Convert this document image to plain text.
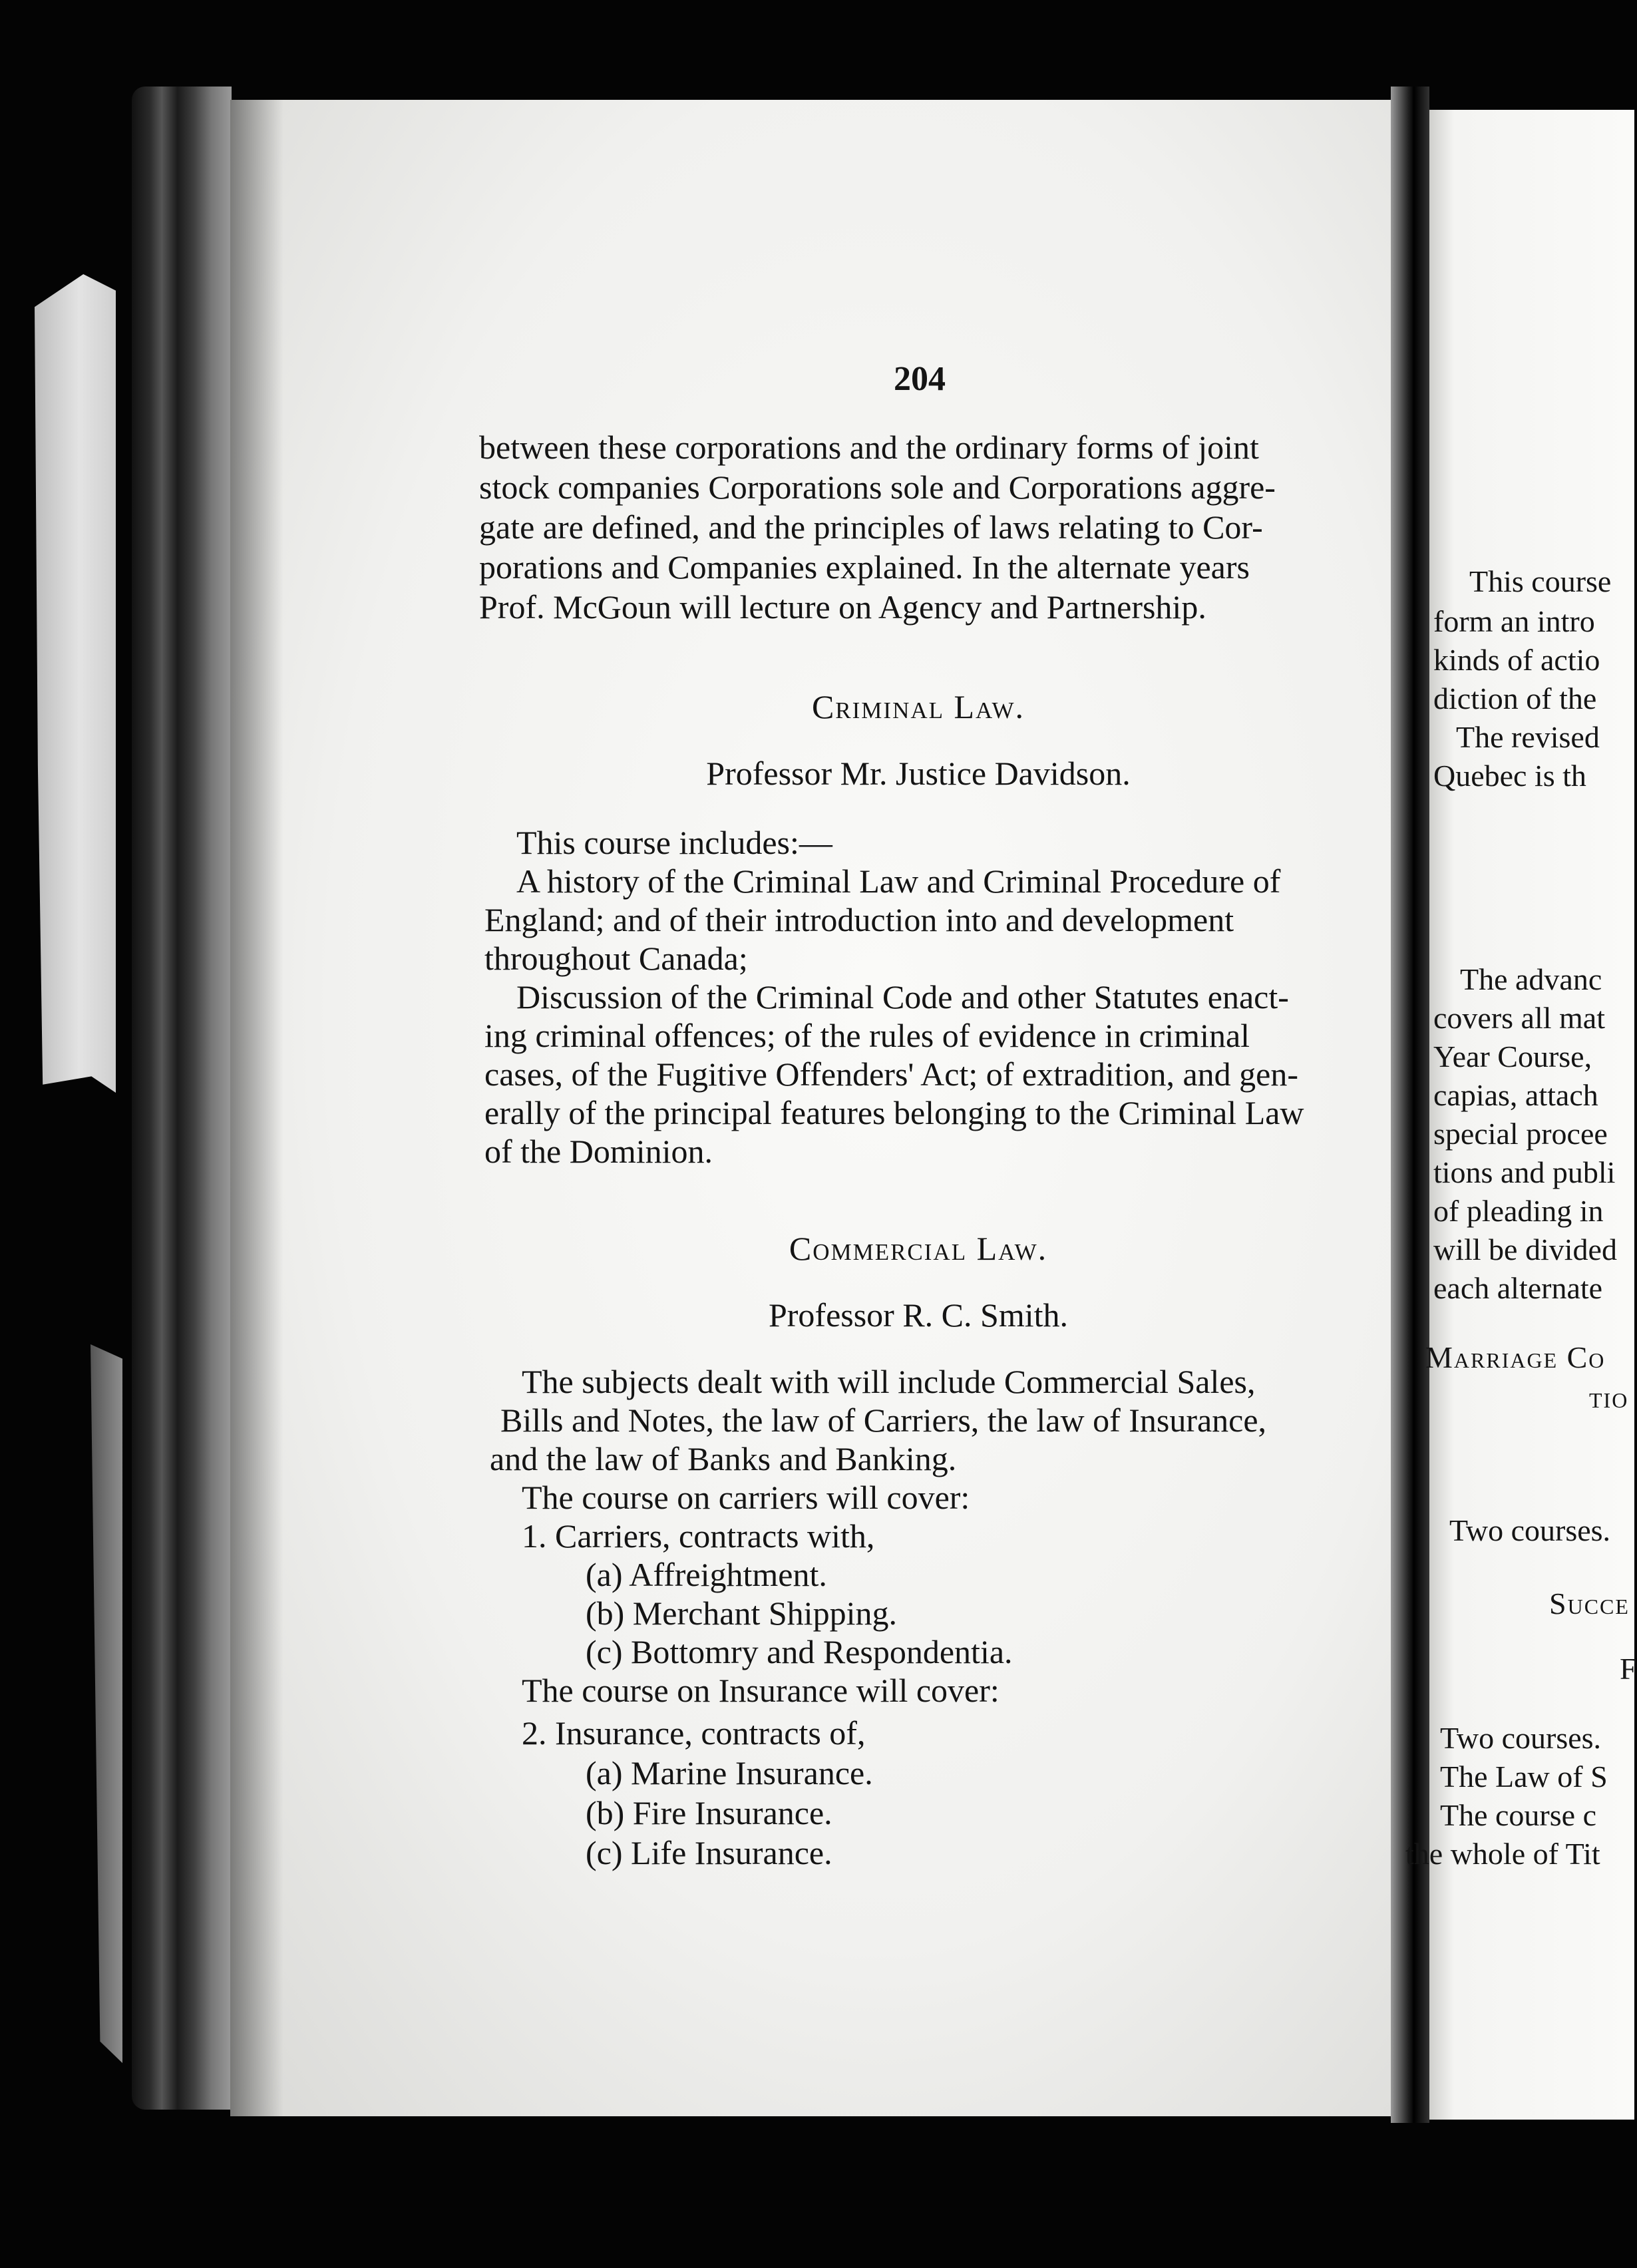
204
between these corporations and the ordinary forms of joint
stock companies Corporations sole and Corporations aggre-
gate are defined, and the principles of laws relating to Cor-
porations and Companies explained. In the alternate years
Prof. McGoun will lecture on Agency and Partnership.
Criminal Law.
Professor Mr. Justice Davidson.
This course includes:—
A history of the Criminal Law and Criminal Procedure of
England; and of their introduction into and development
throughout Canada;
Discussion of the Criminal Code and other Statutes enact-
ing criminal offences; of the rules of evidence in criminal
cases, of the Fugitive Offenders' Act; of extradition, and gen-
erally of the principal features belonging to the Criminal Law
of the Dominion.
Commercial Law.
Professor R. C. Smith.
The subjects dealt with will include Commercial Sales,
Bills and Notes, the law of Carriers, the law of Insurance,
and the law of Banks and Banking.
The course on carriers will cover:
1. Carriers, contracts with,
(a) Affreightment.
(b) Merchant Shipping.
(c) Bottomry and Respondentia.
The course on Insurance will cover:
2. Insurance, contracts of,
(a) Marine Insurance.
(b) Fire Insurance.
(c) Life Insurance.
This course
form an intro
kinds of actio
diction of the
The revised
Quebec is th
The advanc
covers all mat
Year Course,
capias, attach
special procee
tions and publi
of pleading in
will be divided
each alternate
Marriage Co
tio
Two courses.
Succe
F
Two courses.
The Law of S
The course c
the whole of Tit
